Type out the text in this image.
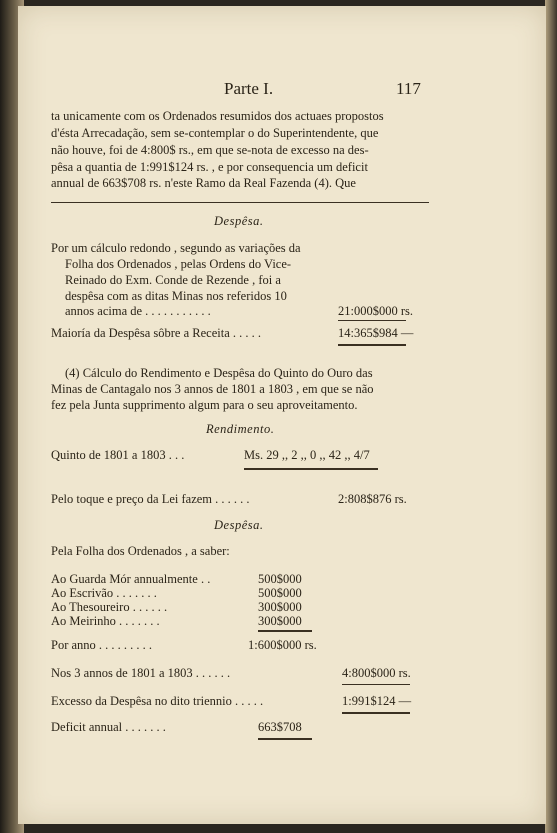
Parte I.	117
ta unicamente com os Ordenados resumidos dos actuaes propostos
d'ésta Arrecadação, sem se-contemplar o do Superintendente, que
não houve, foi de 4:800$ rs., em que se-nota de excesso na des-
pêsa a quantia de 1:991$124 rs. , e por consequencia um deficit
annual de 663$708 rs. n'este Ramo da Real Fazenda (4). Que
Despêsa.
Por um cálculo redondo , segundo as variações da
Folha dos Ordenados , pelas Ordens do Vice-
Reinado do Exm. Conde de Rezende , foi a
despêsa com as ditas Minas nos referidos 10
annos acima de . . . . . . . . . . .	21:000$000 rs.
Maioría da Despêsa sôbre a Receita . . . . .	14:365$984 —
(4) Cálculo do Rendimento e Despêsa do Quinto do Ouro das
Minas de Cantagalo nos 3 annos de 1801 a 1803 , em que se não
fez pela Junta supprimento algum para o seu aproveitamento.
Rendimento.
Quinto de 1801 a 1803 . . .	Ms. 29 ,, 2 ,, 0 ,, 42 ,, 4/7
Pelo toque e preço da Lei fazem . . . . . .	2:808$876 rs.
Despêsa.
Pela Folha dos Ordenados , a saber:
Ao Guarda Mór annualmente . .	500$000
Ao Escrivão . . . . . . .	500$000
Ao Thesoureiro . . . . . .	300$000
Ao Meirinho . . . . . . .	300$000
Por anno . . . . . . . . .	1:600$000 rs.
Nos 3 annos de 1801 a 1803 . . . . . .	4:800$000 rs.
Excesso da Despêsa no dito triennio . . . . .	1:991$124 —
Deficit annual . . . . . . .	663$708
